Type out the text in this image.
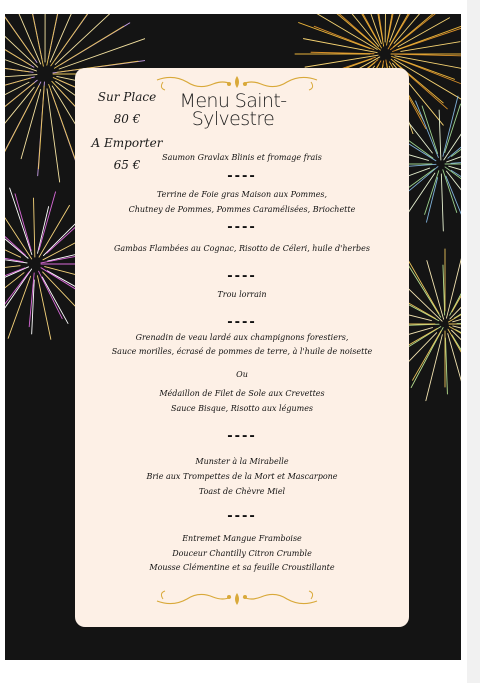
Sur Place
80 €
A Emporter
65 €
Menu Saint-
Sylvestre
Saumon Gravlax Blinis et fromage frais
----
Terrine de Foie gras Maison aux Pommes,
Chutney de Pommes, Pommes Caramélisées, Briochette
----
Gambas Flambées au Cognac, Risotto de Céleri, huile d'herbes
----
Trou lorrain
----
Grenadin de veau lardé aux champignons forestiers,
Sauce morilles, écrasé de pommes de terre, à l'huile de noisette
Ou
Médaillon de Filet de Sole aux Crevettes
Sauce Bisque, Risotto aux légumes
----
Munster à la Mirabelle
Brie aux Trompettes de la Mort et Mascarpone
Toast de Chèvre Miel
----
Entremet Mangue Framboise
Douceur Chantilly Citron Crumble
Mousse Clémentine et sa feuille Croustillante
